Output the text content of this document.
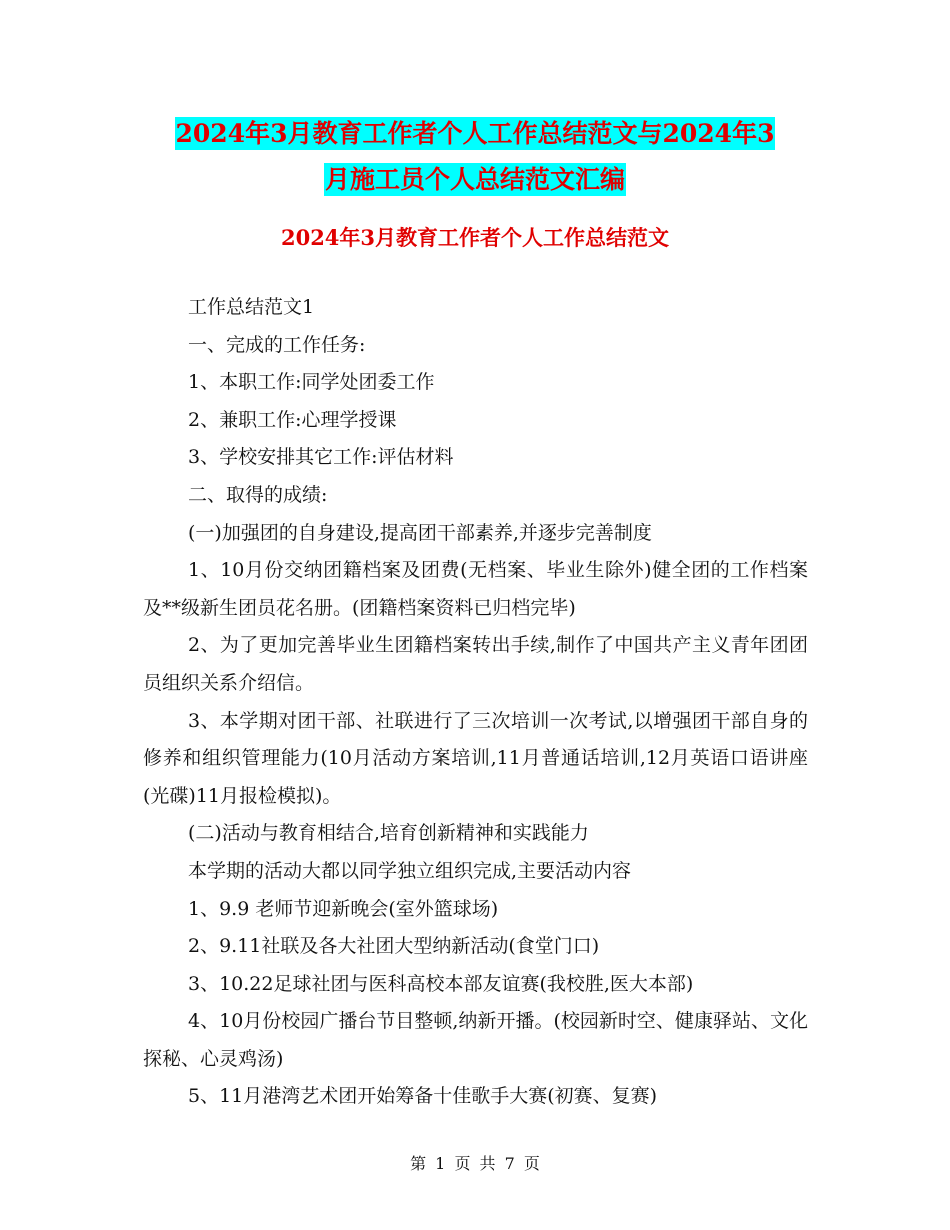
2024年3月教育工作者个人工作总结范文与2024年3
月施工员个人总结范文汇编
2024年3月教育工作者个人工作总结范文

工作总结范文1

一、完成的工作任务:

1、本职工作:同学处团委工作

2、兼职工作:心理学授课

3、学校安排其它工作:评估材料

二、取得的成绩:

(一)加强团的自身建设,提高团干部素养,并逐步完善制度

1、10月份交纳团籍档案及团费(无档案、毕业生除外)健全团的工作档案及**级新生团员花名册。(团籍档案资料已归档完毕)

2、为了更加完善毕业生团籍档案转出手续,制作了中国共产主义青年团团员组织关系介绍信。

3、本学期对团干部、社联进行了三次培训一次考试,以增强团干部自身的修养和组织管理能力(10月活动方案培训,11月普通话培训,12月英语口语讲座(光碟)11月报检模拟)。

(二)活动与教育相结合,培育创新精神和实践能力

本学期的活动大都以同学独立组织完成,主要活动内容

1、9.9 老师节迎新晚会(室外篮球场)

2、9.11社联及各大社团大型纳新活动(食堂门口)

3、10.22足球社团与医科高校本部友谊赛(我校胜,医大本部)

4、10月份校园广播台节目整顿,纳新开播。(校园新时空、健康驿站、文化探秘、心灵鸡汤)

5、11月港湾艺术团开始筹备十佳歌手大赛(初赛、复赛)

第 1 页 共 7 页
